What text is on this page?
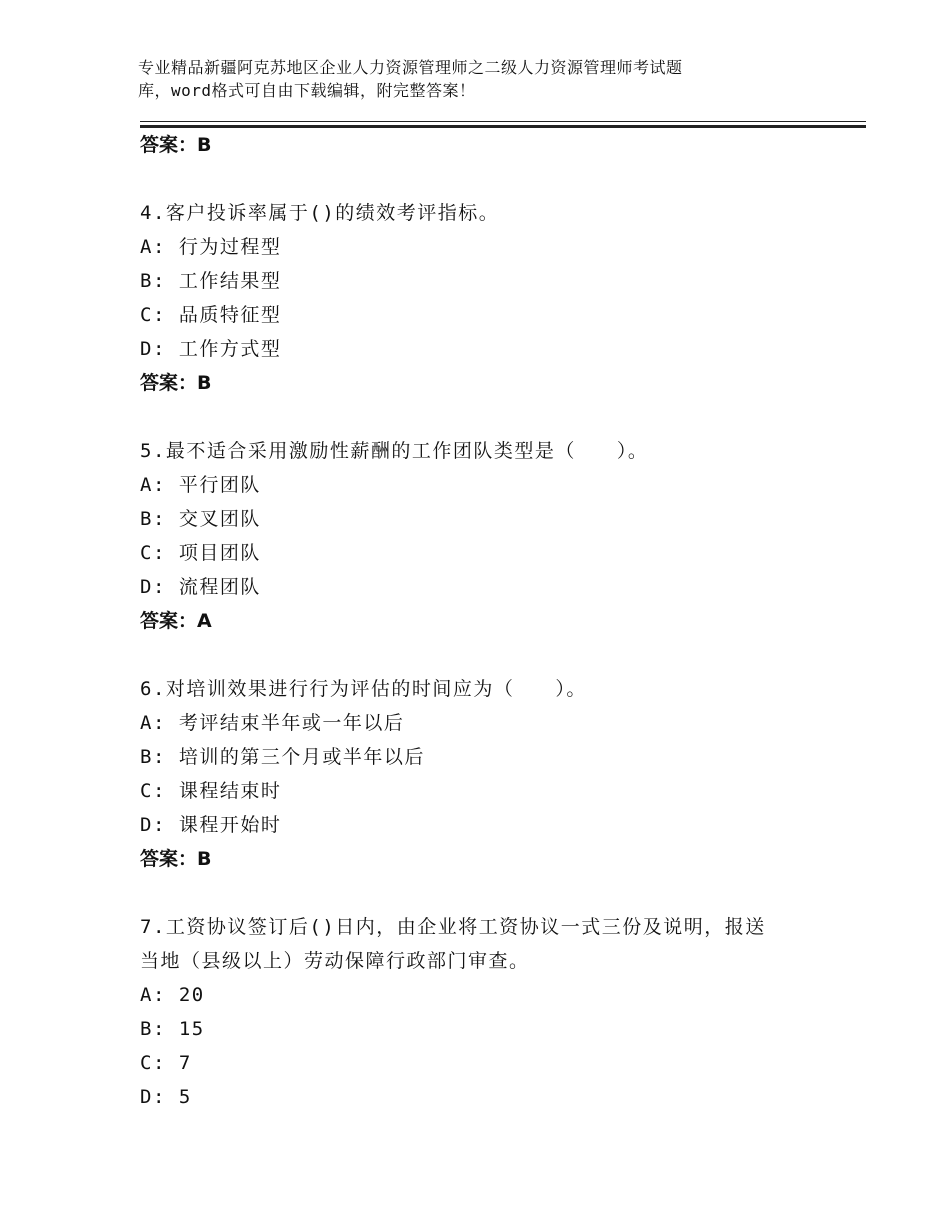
专业精品新疆阿克苏地区企业人力资源管理师之二级人力资源管理师考试题
库，word格式可自由下载编辑，附完整答案！
答案：B
4.客户投诉率属于()的绩效考评指标。
A: 行为过程型
B: 工作结果型
C: 品质特征型
D: 工作方式型
答案：B
5.最不适合采用激励性薪酬的工作团队类型是（　　）。
A: 平行团队
B: 交叉团队
C: 项目团队
D: 流程团队
答案：A
6.对培训效果进行行为评估的时间应为（　　）。
A: 考评结束半年或一年以后
B: 培训的第三个月或半年以后
C: 课程结束时
D: 课程开始时
答案：B
7.工资协议签订后()日内，由企业将工资协议一式三份及说明，报送
当地（县级以上）劳动保障行政部门审查。
A: 20
B: 15
C: 7
D: 5
